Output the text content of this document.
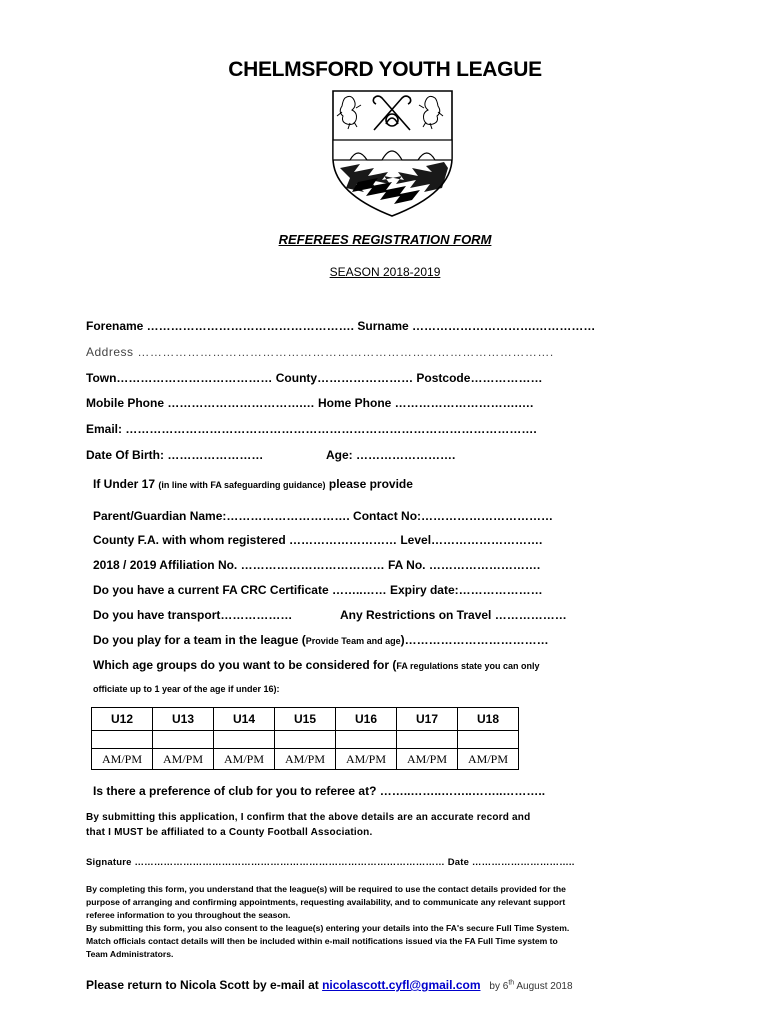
CHELMSFORD YOUTH LEAGUE
REFEREES REGISTRATION FORM
SEASON 2018-2019
Forename ……………………………………………. Surname ………………………….……………
Address ……………………………………………………………………………………….
Town………………………………… County…………………… Postcode………………
Mobile Phone …………………………….… Home Phone ………………………….….
Email: ………………………………………………………………………………………….
Date Of Birth: ……………………	Age: …………………….
If Under 17 (in line with FA safeguarding guidance) please provide
Parent/Guardian Name:…………………………. Contact No:……………………………
County F.A. with whom registered ……………………… Level……………………….
2018 / 2019 Affiliation No. ……………………………… FA No. ……………………….
Do you have a current FA CRC Certificate ……..…… Expiry date:…………………
Do you have transport………………	Any Restrictions on Travel ………………
Do you play for a team in the league (Provide Team and age)………………………………
Which age groups do you want to be considered for (FA regulations state you can only
officiate up to 1 year of the age if under 16):
U12	U13	U14	U15	U16	U17	U18

AM/PM	AM/PM	AM/PM	AM/PM	AM/PM	AM/PM	AM/PM
Is there a preference of club for you to referee at? ……..……..……..……..………..
By submitting this application, I confirm that the above details are an accurate record and
that I MUST be affiliated to a County Football Association.
Signature …………………………………………………………………………………… Date …………………………..
By completing this form, you understand that the league(s) will be required to use the contact details provided for the
purpose of arranging and confirming appointments, requesting availability, and to communicate any relevant support
referee information to you throughout the season.
By submitting this form, you also consent to the league(s) entering your details into the FA's secure Full Time System.
Match officials contact details will then be included within e-mail notifications issued via the FA Full Time system to
Team Administrators.
Please return to Nicola Scott by e-mail at nicolascott.cyfl@gmail.com by 6th August 2018
